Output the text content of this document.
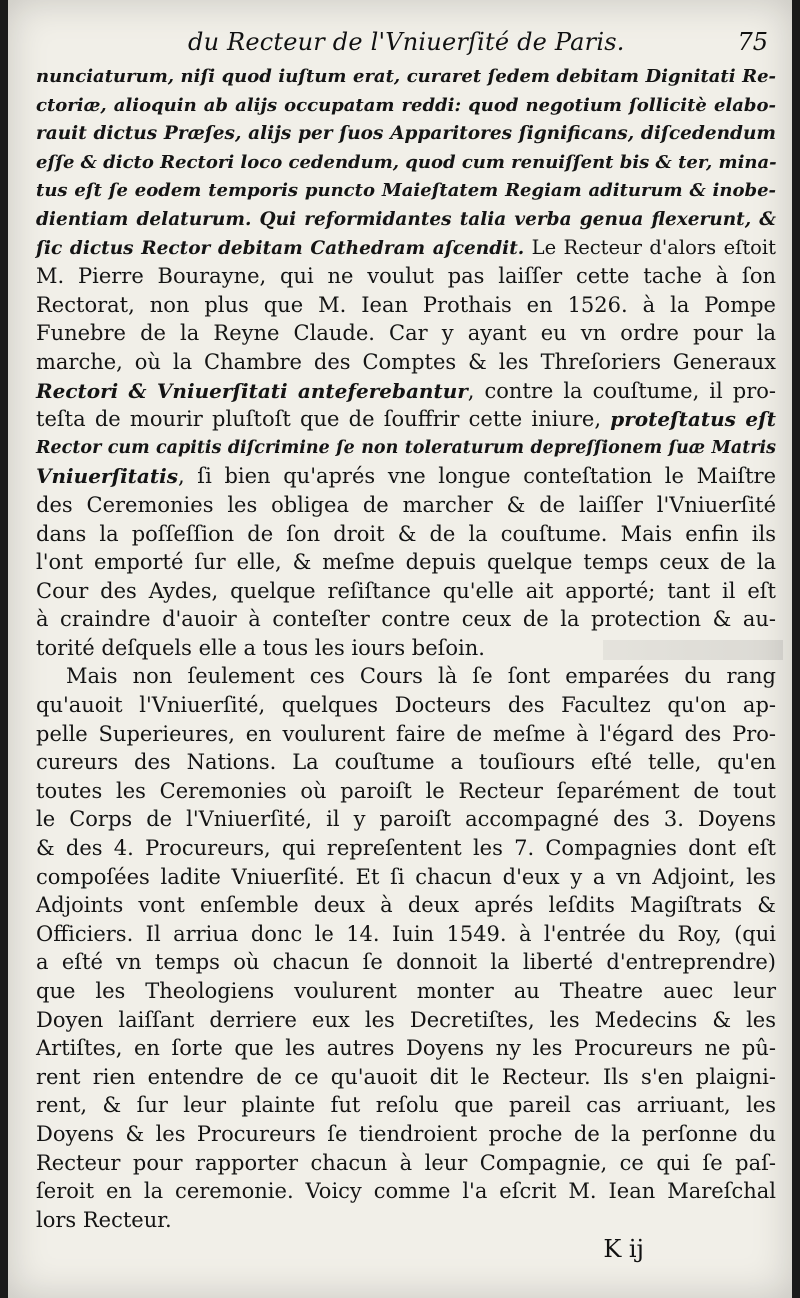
du Recteur de l'Vniuerſité de Paris.	75
nunciaturum, niſi quod iuſtum erat, curaret ſedem debitam Dignitati Re-
ctoriæ, alioquin ab alijs occupatam reddi: quod negotium ſollicitè elabo-
rauit dictus Præſes, alijs per ſuos Apparitores ſignificans, diſcedendum
eſſe & dicto Rectori loco cedendum, quod cum renuiſſent bis & ter, mina-
tus eſt ſe eodem temporis puncto Maieſtatem Regiam aditurum & inobe-
dientiam delaturum. Qui reformidantes talia verba genua flexerunt, &
ſic dictus Rector debitam Cathedram aſcendit. Le Recteur d'alors eſtoit
M. Pierre Bourayne, qui ne voulut pas laiſſer cette tache à ſon
Rectorat, non plus que M. Iean Prothais en 1526. à la Pompe
Funebre de la Reyne Claude. Car y ayant eu vn ordre pour la
marche, où la Chambre des Comptes & les Threſoriers Generaux
Rectori & Vniuerſitati anteferebantur, contre la couſtume, il pro-
teſta de mourir pluſtoſt que de ſouffrir cette iniure, proteſtatus eſt
Rector cum capitis diſcrimine ſe non toleraturum depreſſionem ſuæ Matris
Vniuerſitatis, ſi bien qu'aprés vne longue conteſtation le Maiſtre
des Ceremonies les obligea de marcher & de laiſſer l'Vniuerſité
dans la poſſeſſion de ſon droit & de la couſtume. Mais enfin ils
l'ont emporté ſur elle, & meſme depuis quelque temps ceux de la
Cour des Aydes, quelque reſiſtance qu'elle ait apporté; tant il eſt
à craindre d'auoir à conteſter contre ceux de la protection & au-
torité deſquels elle a tous les iours beſoin.
Mais non ſeulement ces Cours là ſe ſont emparées du rang
qu'auoit l'Vniuerſité, quelques Docteurs des Facultez qu'on ap-
pelle Superieures, en voulurent faire de meſme à l'égard des Pro-
cureurs des Nations. La couſtume a touſiours eſté telle, qu'en
toutes les Ceremonies où paroiſt le Recteur ſeparément de tout
le Corps de l'Vniuerſité, il y paroiſt accompagné des 3. Doyens
& des 4. Procureurs, qui repreſentent les 7. Compagnies dont eſt
compoſées ladite Vniuerſité. Et ſi chacun d'eux y a vn Adjoint, les
Adjoints vont enſemble deux à deux aprés leſdits Magiſtrats &
Officiers. Il arriua donc le 14. Iuin 1549. à l'entrée du Roy, (qui
a eſté vn temps où chacun ſe donnoit la liberté d'entreprendre)
que les Theologiens voulurent monter au Theatre auec leur
Doyen laiſſant derriere eux les Decretiſtes, les Medecins & les
Artiſtes, en ſorte que les autres Doyens ny les Procureurs ne pû-
rent rien entendre de ce qu'auoit dit le Recteur. Ils s'en plaigni-
rent, & ſur leur plainte fut reſolu que pareil cas arriuant, les
Doyens & les Procureurs ſe tiendroient proche de la perſonne du
Recteur pour rapporter chacun à leur Compagnie, ce qui ſe paſ-
ſeroit en la ceremonie. Voicy comme l'a eſcrit M. Iean Mareſchal
lors Recteur.
K ij
